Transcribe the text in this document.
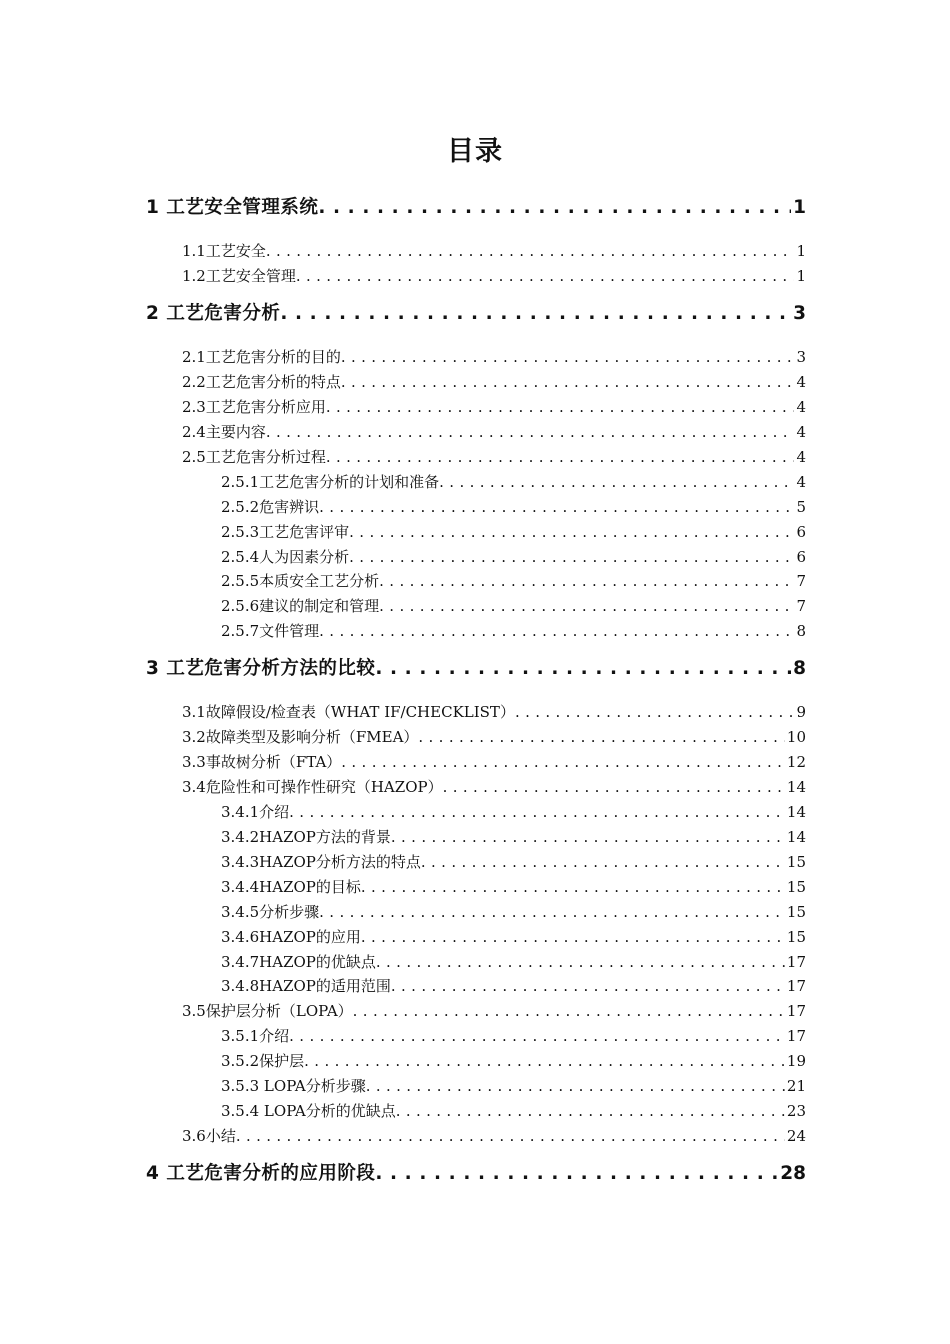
目录
1 工艺安全管理系统 . . .	1
1.1工艺安全 . . .	1
1.2工艺安全管理 . . .	1
2 工艺危害分析 . . .	3
2.1工艺危害分析的目的 . . .	3
2.2工艺危害分析的特点 . . .	4
2.3工艺危害分析应用 . . .	4
2.4主要内容 . . .	4
2.5工艺危害分析过程 . . .	4
2.5.1工艺危害分析的计划和准备 . . .	4
2.5.2危害辨识 . . .	5
2.5.3工艺危害评审 . . .	6
2.5.4人为因素分析 . . .	6
2.5.5本质安全工艺分析 . . .	7
2.5.6建议的制定和管理 . . .	7
2.5.7文件管理 . . .	8
3 工艺危害分析方法的比较 . . .	8
3.1故障假设/检查表（WHAT IF/CHECKLIST） . . .	9
3.2故障类型及影响分析（FMEA） . . .	10
3.3事故树分析（FTA） . . .	12
3.4危险性和可操作性研究（HAZOP） . . .	14
3.4.1介绍 . . .	14
3.4.2HAZOP方法的背景 . . .	14
3.4.3HAZOP分析方法的特点 . . .	15
3.4.4HAZOP的目标 . . .	15
3.4.5分析步骤 . . .	15
3.4.6HAZOP的应用 . . .	15
3.4.7HAZOP的优缺点 . . .	17
3.4.8HAZOP的适用范围 . . .	17
3.5保护层分析（LOPA） . . .	17
3.5.1介绍 . . .	17
3.5.2保护层 . . .	19
3.5.3 LOPA分析步骤 . . .	21
3.5.4 LOPA分析的优缺点 . . .	23
3.6小结 . . .	24
4 工艺危害分析的应用阶段 . . .	28
